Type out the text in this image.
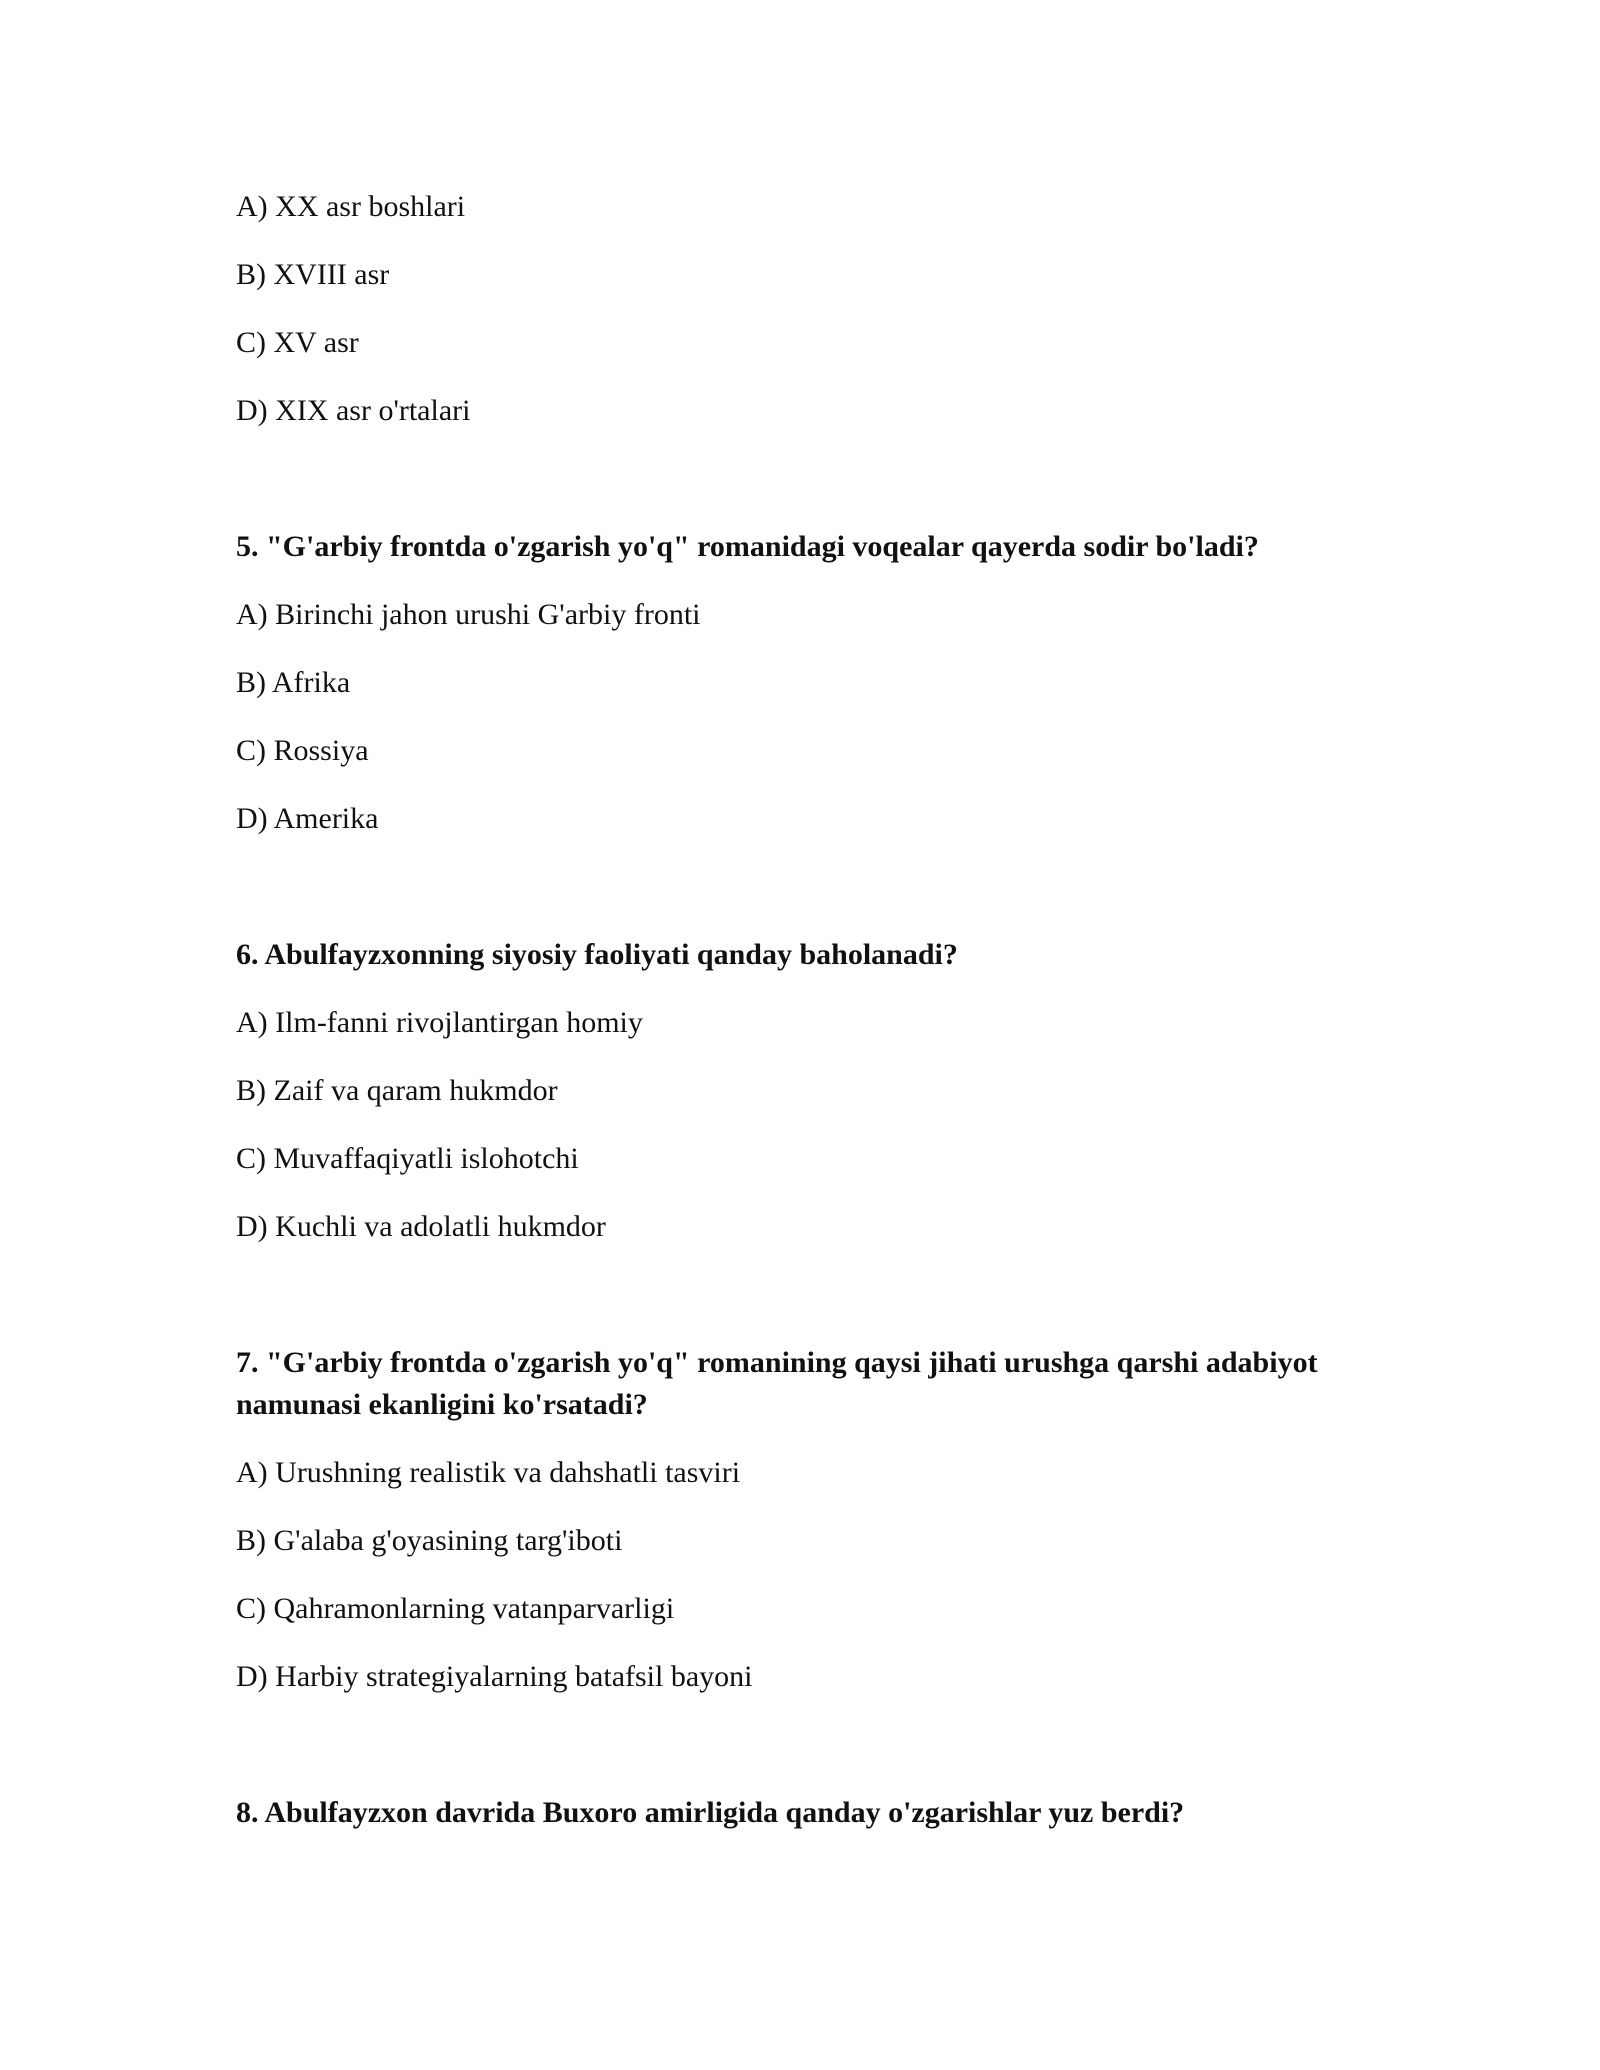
A) XX asr boshlari
B) XVIII asr
C) XV asr
D) XIX asr o'rtalari
5. "G'arbiy frontda o'zgarish yo'q" romanidagi voqealar qayerda sodir bo'ladi?
A) Birinchi jahon urushi G'arbiy fronti
B) Afrika
C) Rossiya
D) Amerika
6. Abulfayzxonning siyosiy faoliyati qanday baholanadi?
A) Ilm-fanni rivojlantirgan homiy
B) Zaif va qaram hukmdor
C) Muvaffaqiyatli islohotchi
D) Kuchli va adolatli hukmdor
7. "G'arbiy frontda o'zgarish yo'q" romanining qaysi jihati urushga qarshi adabiyot namunasi ekanligini ko'rsatadi?
A) Urushning realistik va dahshatli tasviri
B) G'alaba g'oyasining targ'iboti
C) Qahramonlarning vatanparvarligi
D) Harbiy strategiyalarning batafsil bayoni
8. Abulfayzxon davrida Buxoro amirligida qanday o'zgarishlar yuz berdi?
